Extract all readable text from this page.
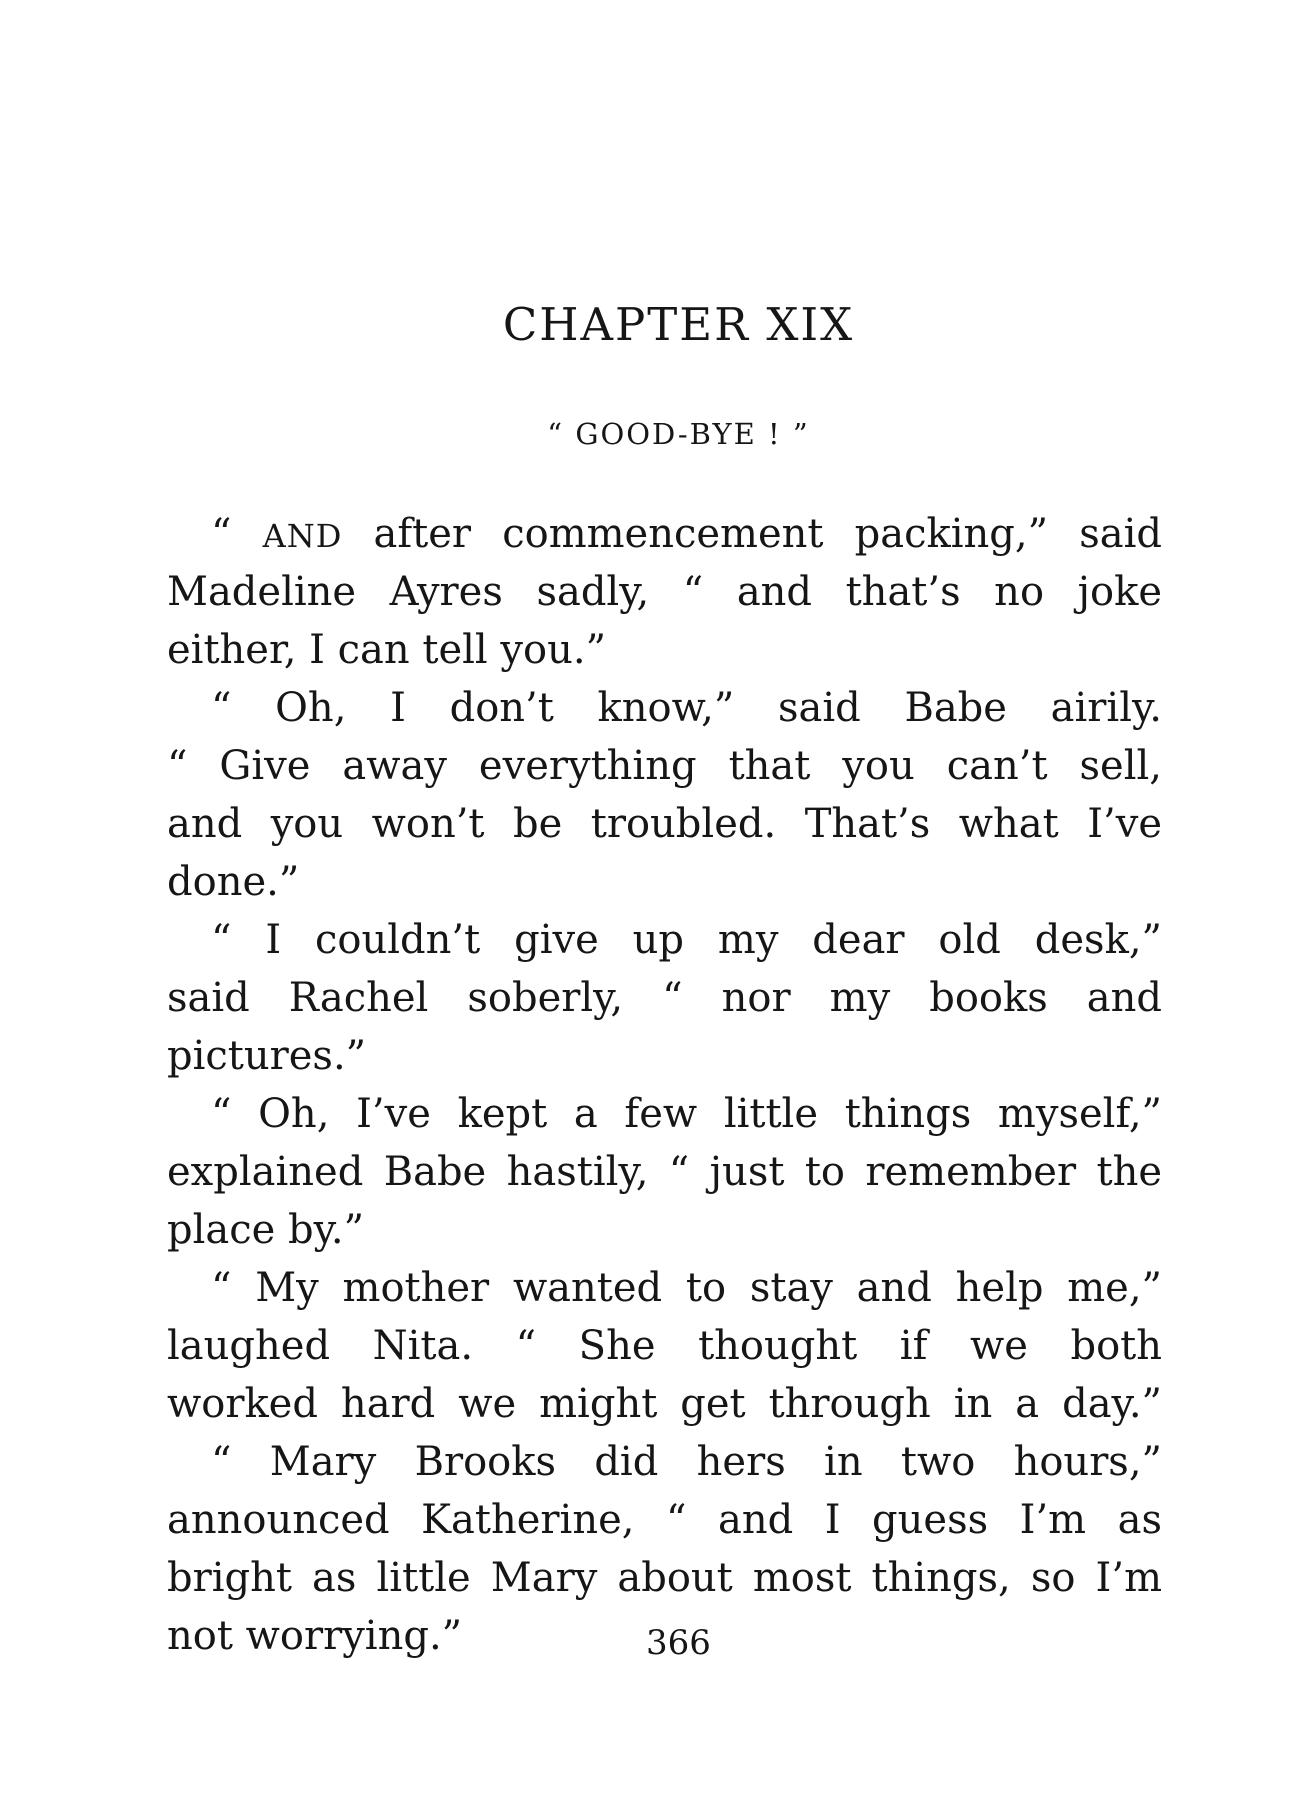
CHAPTER XIX
“ GOOD-BYE ! ”
“ AND after commencement packing,” said
Madeline Ayres sadly, “ and that’s no joke
either, I can tell you.”
“ Oh, I don’t know,” said Babe airily.
“ Give away everything that you can’t sell,
and you won’t be troubled. That’s what I’ve
done.”
“ I couldn’t give up my dear old desk,”
said Rachel soberly, “ nor my books and
pictures.”
“ Oh, I’ve kept a few little things myself,”
explained Babe hastily, “ just to remember the
place by.”
“ My mother wanted to stay and help me,”
laughed Nita. “ She thought if we both
worked hard we might get through in a day.”
“ Mary Brooks did hers in two hours,”
announced Katherine, “ and I guess I’m as
bright as little Mary about most things, so I’m
not worrying.”	366
